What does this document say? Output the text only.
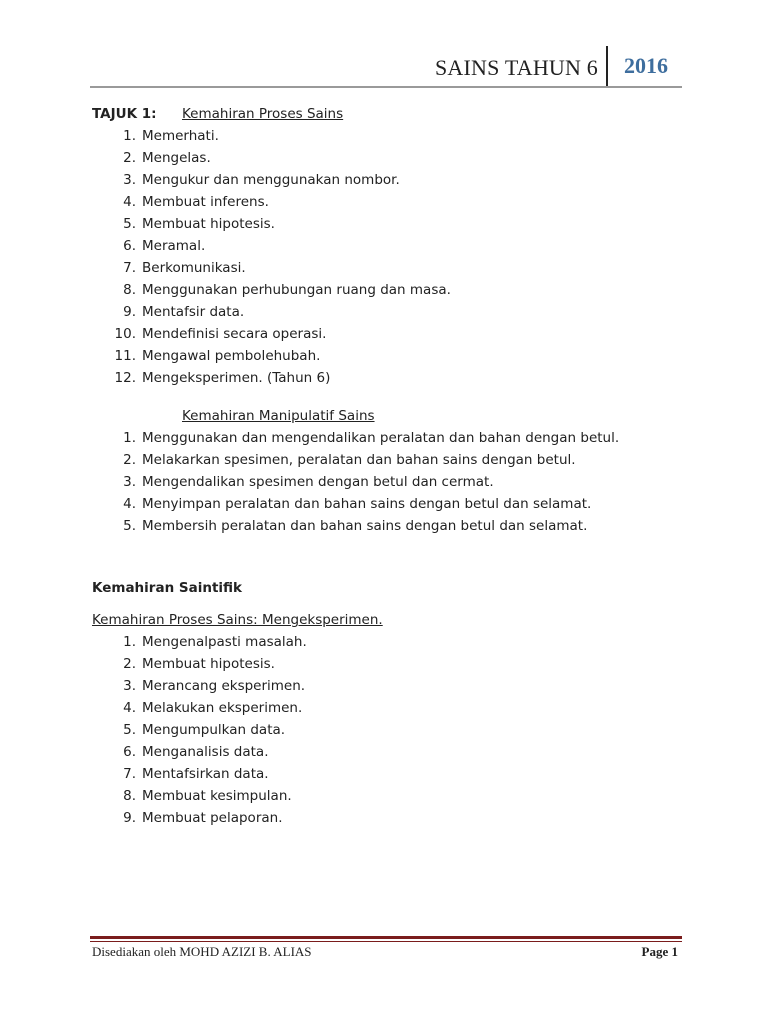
SAINS TAHUN 6 2016
TAJUK 1: Kemahiran Proses Sains
1. Memerhati.
2. Mengelas.
3. Mengukur dan menggunakan nombor.
4. Membuat inferens.
5. Membuat hipotesis.
6. Meramal.
7. Berkomunikasi.
8. Menggunakan perhubungan ruang dan masa.
9. Mentafsir data.
10. Mendefinisi secara operasi.
11. Mengawal pembolehubah.
12. Mengeksperimen. (Tahun 6)
Kemahiran Manipulatif Sains
1. Menggunakan dan mengendalikan peralatan dan bahan dengan betul.
2. Melakarkan spesimen, peralatan dan bahan sains dengan betul.
3. Mengendalikan spesimen dengan betul dan cermat.
4. Menyimpan peralatan dan bahan sains dengan betul dan selamat.
5. Membersih peralatan dan bahan sains dengan betul dan selamat.
Kemahiran Saintifik
Kemahiran Proses Sains: Mengeksperimen.
1. Mengenalpasti masalah.
2. Membuat hipotesis.
3. Merancang eksperimen.
4. Melakukan eksperimen.
5. Mengumpulkan data.
6. Menganalisis data.
7. Mentafsirkan data.
8. Membuat kesimpulan.
9. Membuat pelaporan.
Disediakan oleh MOHD AZIZI B. ALIAS	Page 1
